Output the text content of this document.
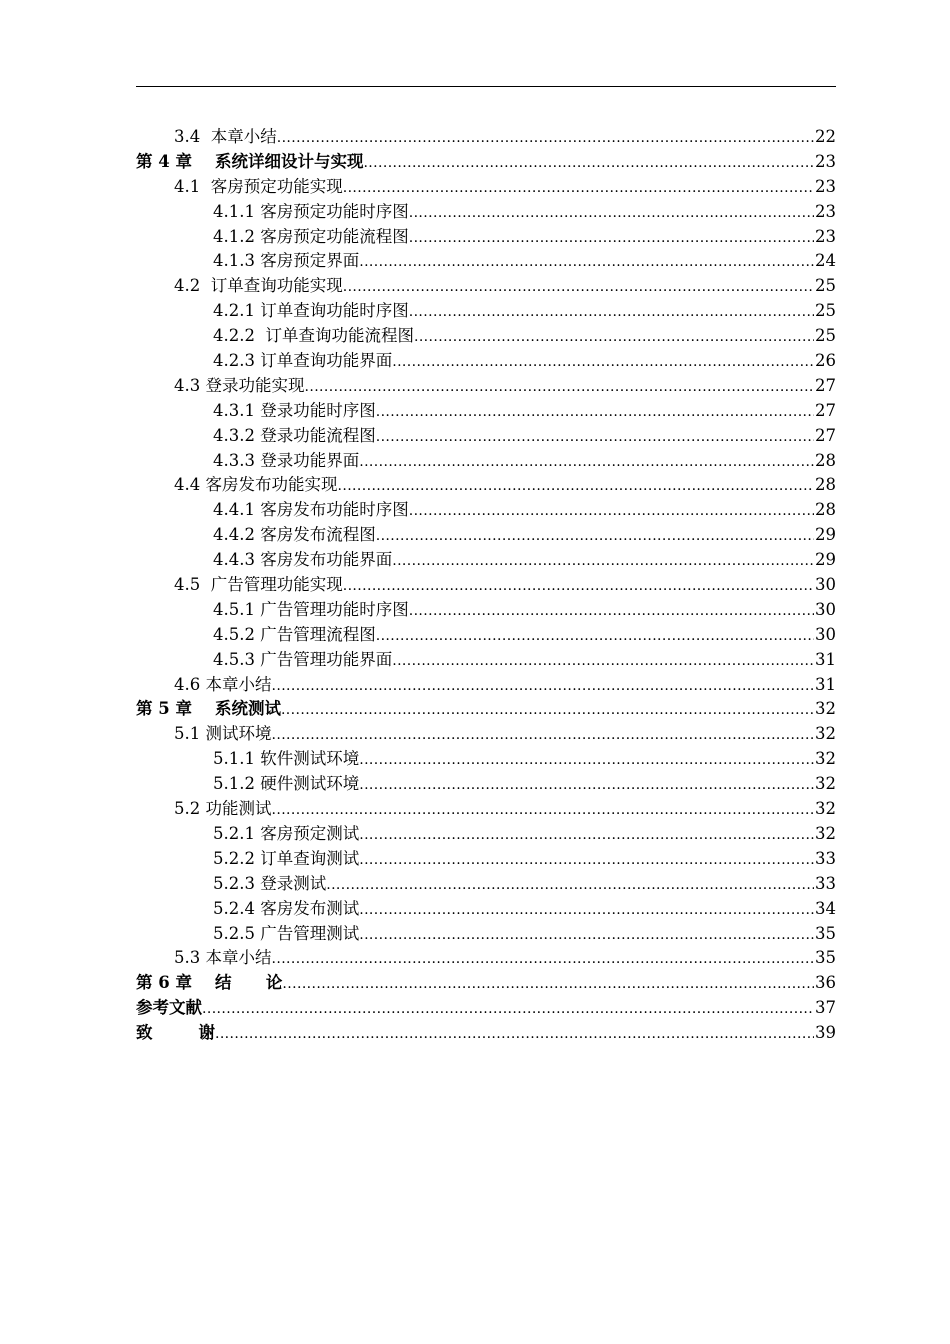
3.4  本章小结 .....	22
第 4 章    系统详细设计与实现 .....	23
4.1  客房预定功能实现 .....	23
4.1.1 客房预定功能时序图 .....	23
4.1.2 客房预定功能流程图 .....	23
4.1.3 客房预定界面 .....	24
4.2  订单查询功能实现 .....	25
4.2.1 订单查询功能时序图 .....	25
4.2.2  订单查询功能流程图 .....	25
4.2.3 订单查询功能界面 .....	26
4.3 登录功能实现 .....	27
4.3.1 登录功能时序图 .....	27
4.3.2 登录功能流程图 .....	27
4.3.3 登录功能界面 .....	28
4.4 客房发布功能实现 .....	28
4.4.1 客房发布功能时序图 .....	28
4.4.2 客房发布流程图 .....	29
4.4.3 客房发布功能界面 .....	29
4.5  广告管理功能实现 .....	30
4.5.1 广告管理功能时序图 .....	30
4.5.2 广告管理流程图 .....	30
4.5.3 广告管理功能界面 .....	31
4.6 本章小结 .....	31
第 5 章    系统测试 .....	32
5.1 测试环境 .....	32
5.1.1 软件测试环境 .....	32
5.1.2 硬件测试环境 .....	32
5.2 功能测试 .....	32
5.2.1 客房预定测试 .....	32
5.2.2 订单查询测试 .....	33
5.2.3 登录测试 .....	33
5.2.4 客房发布测试 .....	34
5.2.5 广告管理测试 .....	35
5.3 本章小结 .....	35
第 6 章    结      论 .....	36
参考文献 .....	37
致        谢 .....	39
